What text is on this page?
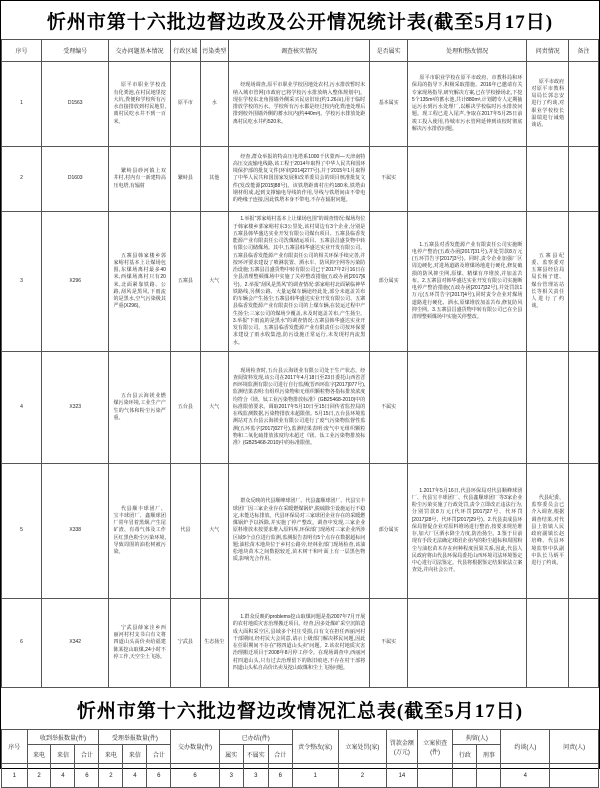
忻州市第十六批边督边改及公开情况统计表(截至5月17日)
序号	受理编号	交办问题基本情况	行政区域	污染类型	调查核实情况	是否属实	处理和整改情况	问责情况	备注
1	D1563	原平市职业学校没有化粪池,在村民地里挖大坑,粪便和学校所有污水直接排放到村民地里,离村民吃水井不到一百米。	原平市	水	经现场调查,原平市职业学校因地处农村,污水排放暂时未纳入城市管网(市政府已将学校污水排放纳入整体规划中)。现在学校东北角围墙外侧采买民房旧址(约1.26亩),用于临时排放学校的污水。学校所有污水都是经过校内化粪池处理后排到校外围墙外侧的蓄水坑内(约440m³)。学校污水排放处距离村民吃水井约520米。	基本属实	原平市职业学校在原平市政府、市教科局和环保局的指导下,积极采取措施。2016年已邀请有关专家现场指导,研究解决方案,已在学校操场北,下挖5个135m³的蓄水池,共计880m³,计划聘专人定期抽运污水到污水处理厂,以解决学校临时污水排放问题。现工程已进入尾声,争取在2017年5月25日前竣工投入使用,待城市污水管网延伸到该校时彻底解决污水排放问题。	原平市政府对原平市教科局局长郭志安进行了约谈,对职业学校校长温瑞进行诫勉谈话。	
2	D1603	繁峙县砂河镇上双井村,村内有一新建特高压电塔,有辐射	繁峙县	其他	经查,群众举报的特高压电塔系1000千伏蒙西—天津南特高压交流输电线路,该工程于2014年取得了中华人民共和国环境保护部的批复文件(环审[2014]277号),并于2015年1月取得了中华人民共和国国家发展和改革委员会的项目核准批复文件(发改能源[2015]88号)。该铁塔距离村庄约180米,铁塔由钢材组成,起到支撑输电导线的作用,导线与铁塔间由不带电的绝缘子连接,因此铁塔本身不带电,不存在辐射问题。	不属实			
3	X296	五寨县韩家楼乡郭家峪村基本上让煤场包围,东煤场离村最多40米,西煤场离村只有20米,北面紧靠铁路、公路,刮风是黑风,下雨流的是黑水,空气污染极其严重(X296)。	五寨县	大气	1.举报"郭家峪村基本上让煤场包围"的调查情况:煤场均位于韩家楼乡郭家峪村东3公里处,该村周边有3个企业,分别是五寨县韩华盛达实业开发有限公司煤台项目、五寨县临香发能源产业有限责任公司洗煤储运项目、五寨县昌盛货物中转有限公司储煤场。其中,五寨县韩华盛达实业开发有限公司、五寨县临香发能源产业有限责任公司的相关环保手续完善,并按环评要求建设了喷淋装置、洒水车、防风抑尘网等污染防治设施;五寨县昌盛货物中转有限公司已于2017年2月16日在全县清理整顿煤场中实施了关停整改措施(五政办函[2017]6号)。2.举报"刮风是黑风"的调查情况:郭家峪村北面紧临神华铁路线,另侧公路、大量运煤车辆途经此处,部分未遮盖苫布的车辆会产生扬尘;五寨县韩华盛达实业开发有限公司、五寨县临香发能源产业有限责任公司的上煤车辆,在装运过程中产生扬尘;三家公司的煤场少覆盖,未及时遮盖苫布,产生扬尘。3.举报"下雨流的是黑水"的调查情况:五寨县韩华盛达实业开发有限公司、五寨县临香发能源产业有限责任公司按环保要求建设了雨水收集池,防污设施正常运行,未发现村内流黑水。	部分属实	1.五寨县对香发能源产业有限责任公司实施断电停产整治(五政办函[2017]31号),并处罚款8万元(五环罚告字[2017]3号)。同时,责令企业加强厂区周边硬化,对进场道路及堆煤场地进行硬化,修复破损的防风抑尘网,原煤、精煤有序堆放,并加盖苫布。2.五寨县对韩华盛达实业开发有限公司实施断电停产整治措施(五政办函[2017]32号),并处罚款1万元(五环罚告字[2017]4号),同时责令企业对煤场道路进行硬化、洒水,原煤堆放加盖苫布,修复防风抑尘网。3.五寨县昌盛货物中转有限公司已在全县清理整顿煤场中实施关停整改。	五寨县纪委、监察委对五寨县经信局局长杨子建、煤台管理站站长等相关责任人进行了约谈。	
4	X323	五台县云海镁业燃煤污染环境,工业生产产生的气体和粉尘污染严重。	五台县	大气	现场检查时,五台县云海镁业有限公司处于生产状态。经查阅资料发现,该公司在2017年4月18日至23日委托山西省晋西环境监测有限公司进行自行监测(晋西环监字[2017]077号),监测结果表明:有组织污染物和无组织颗粒物各指标排放浓度均符合《镁、钛工业污染物排放标准》(GB25468-2010)中的标准限值要求。调取2017年5月10日至15日回传省监控局的在线监测数据,污染物排放未超限值。5月15日,五台县环境监测站对五台县云海镁业有限公司进行了废气污染物监督性监测(五环监字[2017]027号),监测结果表明:废气中无组织颗粒物和二氧化硫排放浓度均未超过《镁、钛工业污染物排放标准》(GB25468-2010)中的标准限值。	不属实			
5	X338	代县顺丰球团厂、宝丰球团厂、鑫顺球团厂常年冒着黑烟,产生尾矿渣、有毒气体及工作区红黑色粉尘污染环境,导致周围的油松树被污染。	代县	大气	群众反映的代县顺峰球团厂、代县鑫顺球团厂、代县宝丰球团厂因三家企业存在采暖燃煤锅炉,脱硫除尘设施运行不稳定,未能达标排放。代县环保局对三家球团企业存在的采暖燃煤锅炉予以拆除,并实施了停产整改。调查中发现,三家企业原料堆放未按要求堆入原料库,环保部门现场对三家企业所涉区域9个点位进行监测,监测报告表明有5个点存在数据超标问题;油松苗木地块位于乡村公路旁,经林业部门现场检查,该油松地块苗木之间数据较近,苗木树干和叶面上有一层黑色物质,影响光合作用。	部分属实	1.2017年5月16日,代县环保局对代县顺峰球团厂、代县宝丰球团厂、代县鑫顺球团厂等3家企业粉尘污染实施了行政处罚,责令立即改正违法行为,分别罚款8万元(代环罚[2017]27号、代环罚[2017]28号、代环罚[2017]29号)。2.代县责成县环保局督促企业对原料堆场进行整治,按要求规范堆存,加大厂区洒水降尘力度,防治扬尘。3.鉴于目前现有手段无法确定球团企业内的粉尘超标和周围粉尘与油松苗木存在何种程度因果关系,因此,代县人民政府将由代县环保局委托山西环境司法环境鉴定中心进行司法鉴定。代县将根据鉴定结果依法立案查处,并向社会公开。	代县纪委、监察委员会已介入调查,根据调查结果,对代县上馆镇人民政府副镇长赵培峰、代县环境监察中队副中队长马炳平进行了约谈。	
6	X342	宁武县薛家洼乡西丽河村村支书白有文将四道山头高价卖给福建陈某挖山取煤,24小时不停工作,天空尘土飞扬。	宁武县	生态扬尘	1.群众反映的problems挖山取煤问题是指2007年7月开展的农村地质灾害治理搬迁项目。经查,因多处煤矿采空沉陷造成大面积采空区,县域多个村庄受损,白有文在担任西丽河村干部期间,经村民大会同意,请示上级部门解决移民问题,因此在任职期间不存在"将四道山头卖"问题。2.该农村地质灾害治理搬迁项目于2008年8月停工停令。在现场调查中,西丽河村四道山头,只有过去治理留下的陈旧痕迹,不存在村干部将四道山头私自高价出卖及挖山取煤和尘土飞扬问题。	不属实			
忻州市第十六批边督边改情况汇总表(截至5月17日)
序号	收到举报数量(件)			受理举报数量(件)			交办数量(件)	已办结(件)			责令整改(家)	立案处罚(家)	罚款金额(万元)	立案侦查(件)	拘留(人)		约谈(人)	问责(人)
	来电	来信	合计	来电	来信	合计		属实	不属实	合计					行政	刑事		
1	2	4	6	2	4	6	6	3	3	6	1	2	14				4	
